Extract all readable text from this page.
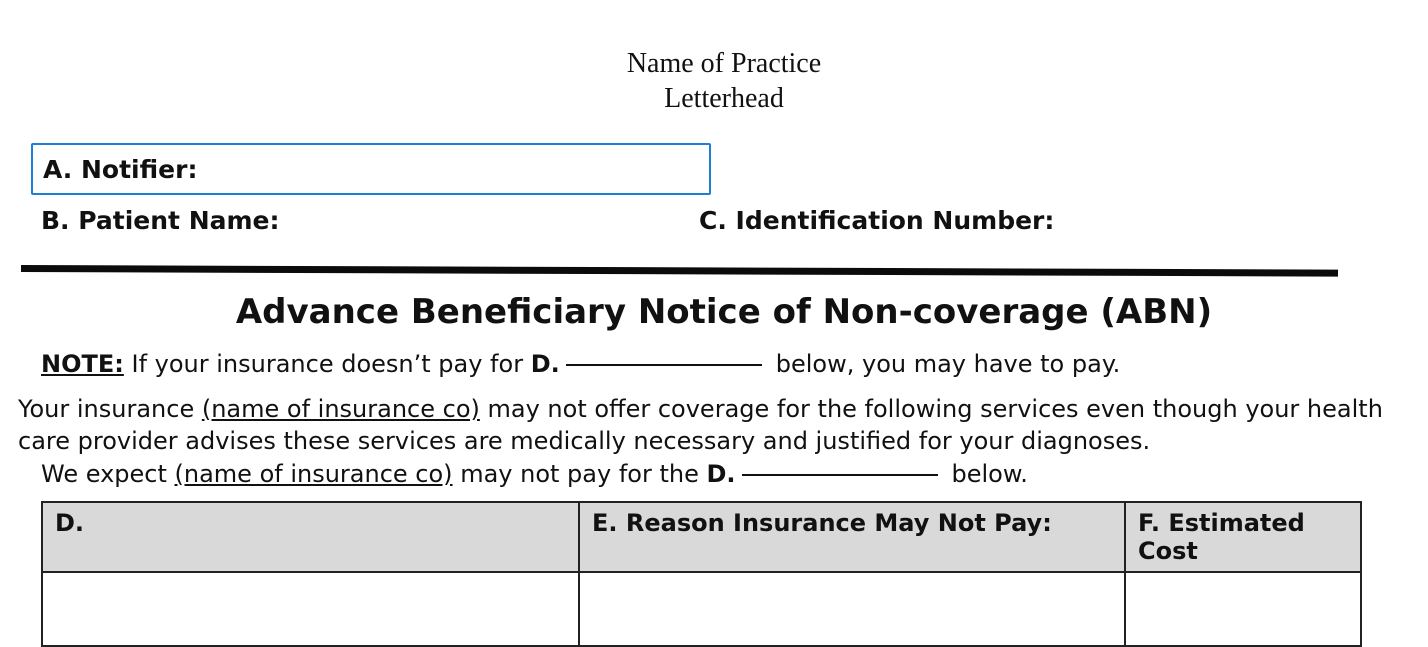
Name of Practice
Letterhead
A. Notifier:
B. Patient Name:	C. Identification Number:
Advance Beneficiary Notice of Non-coverage (ABN)
NOTE: If your insurance doesn’t pay for D.	below, you may have to pay.
Your insurance (name of insurance co) may not offer coverage for the following services even though your health care provider advises these services are medically necessary and justified for your diagnoses.
We expect (name of insurance co) may not pay for the D.	below.
D.	E. Reason Insurance May Not Pay:	F. Estimated Cost
